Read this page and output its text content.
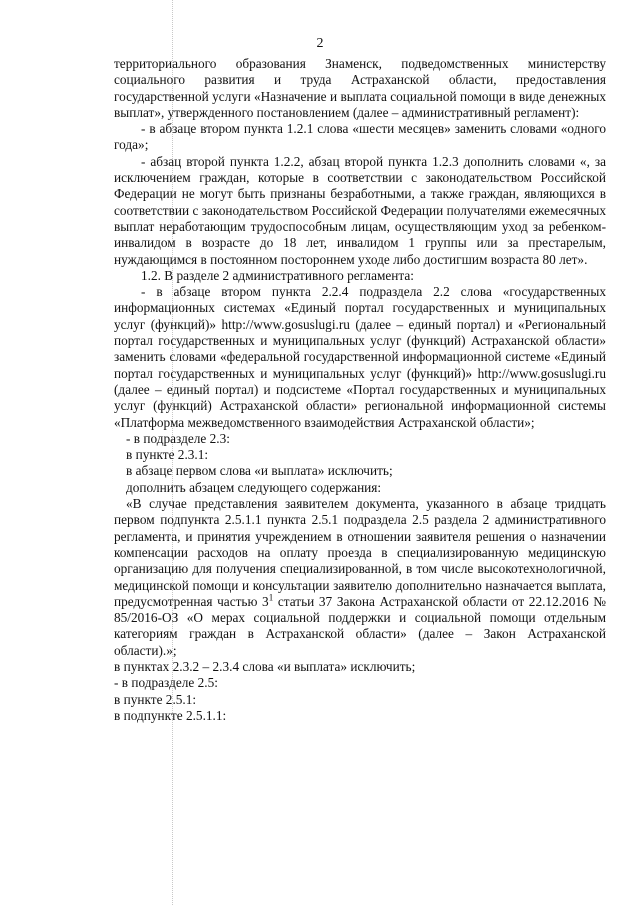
2

территориального образования Знаменск, подведомственных министерству социального развития и труда Астраханской области, предоставления государственной услуги «Назначение и выплата социальной помощи в виде денежных выплат», утвержденного постановлением (далее – административный регламент):

- в абзаце втором пункта 1.2.1 слова «шести месяцев» заменить словами «одного года»;

- абзац второй пункта 1.2.2, абзац второй пункта 1.2.3 дополнить словами «, за исключением граждан, которые в соответствии с законодательством Российской Федерации не могут быть признаны безработными, а также граждан, являющихся в соответствии с законодательством Российской Федерации получателями ежемесячных выплат неработающим трудоспособным лицам, осуществляющим уход за ребенком-инвалидом в возрасте до 18 лет, инвалидом 1 группы или за престарелым, нуждающимся в постоянном постороннем уходе либо достигшим возраста 80 лет».

1.2. В разделе 2 административного регламента:

- в абзаце втором пункта 2.2.4 подраздела 2.2 слова «государственных информационных системах «Единый портал государственных и муниципальных услуг (функций)» http://www.gosuslugi.ru (далее – единый портал) и «Региональный портал государственных и муниципальных услуг (функций) Астраханской области» заменить словами «федеральной государственной информационной системе «Единый портал государственных и муниципальных услуг (функций)» http://www.gosuslugi.ru (далее – единый портал) и подсистеме «Портал государственных и муниципальных услуг (функций) Астраханской области» региональной информационной системы «Платформа межведомственного взаимодействия Астраханской области»;

- в подразделе 2.3:

в пункте 2.3.1:

в абзаце первом слова «и выплата» исключить;

дополнить абзацем следующего содержания:

«В случае представления заявителем документа, указанного в абзаце тридцать первом подпункта 2.5.1.1 пункта 2.5.1 подраздела 2.5 раздела 2 административного регламента, и принятия учреждением в отношении заявителя решения о назначении компенсации расходов на оплату проезда в специализированную медицинскую организацию для получения специализированной, в том числе высокотехнологичной, медицинской помощи и консультации заявителю дополнительно назначается выплата, предусмотренная частью $3^1$ статьи 37 Закона Астраханской области от 22.12.2016 № 85/2016-ОЗ «О мерах социальной поддержки и социальной помощи отдельным категориям граждан в Астраханской области» (далее – Закон Астраханской области).»;

в пунктах 2.3.2 – 2.3.4 слова «и выплата» исключить;

- в подразделе 2.5:

в пункте 2.5.1:

в подпункте 2.5.1.1:
